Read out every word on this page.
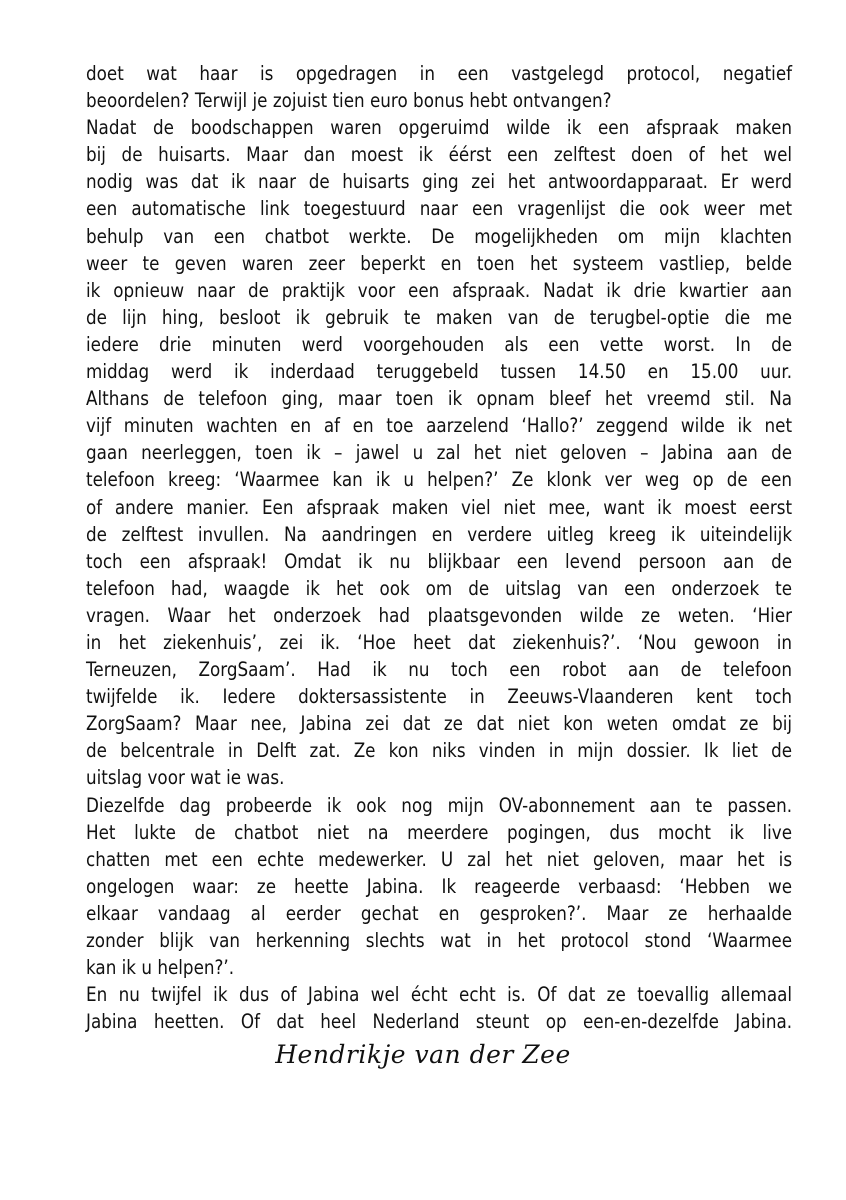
doet wat haar is opgedragen in een vastgelegd protocol, negatief
beoordelen? Terwijl je zojuist tien euro bonus hebt ontvangen?
Nadat de boodschappen waren opgeruimd wilde ik een afspraak maken
bij de huisarts. Maar dan moest ik éérst een zelftest doen of het wel
nodig was dat ik naar de huisarts ging zei het antwoordapparaat. Er werd
een automatische link toegestuurd naar een vragenlijst die ook weer met
behulp van een chatbot werkte. De mogelijkheden om mijn klachten
weer te geven waren zeer beperkt en toen het systeem vastliep, belde
ik opnieuw naar de praktijk voor een afspraak. Nadat ik drie kwartier aan
de lijn hing, besloot ik gebruik te maken van de terugbel-optie die me
iedere drie minuten werd voorgehouden als een vette worst. In de
middag werd ik inderdaad teruggebeld tussen 14.50 en 15.00 uur.
Althans de telefoon ging, maar toen ik opnam bleef het vreemd stil. Na
vijf minuten wachten en af en toe aarzelend ‘Hallo?’ zeggend wilde ik net
gaan neerleggen, toen ik – jawel u zal het niet geloven – Jabina aan de
telefoon kreeg: ‘Waarmee kan ik u helpen?’ Ze klonk ver weg op de een
of andere manier. Een afspraak maken viel niet mee, want ik moest eerst
de zelftest invullen. Na aandringen en verdere uitleg kreeg ik uiteindelijk
toch een afspraak! Omdat ik nu blijkbaar een levend persoon aan de
telefoon had, waagde ik het ook om de uitslag van een onderzoek te
vragen. Waar het onderzoek had plaatsgevonden wilde ze weten. ‘Hier
in het ziekenhuis’, zei ik. ‘Hoe heet dat ziekenhuis?’. ‘Nou gewoon in
Terneuzen, ZorgSaam’. Had ik nu toch een robot aan de telefoon
twijfelde ik. Iedere doktersassistente in Zeeuws-Vlaanderen kent toch
ZorgSaam? Maar nee, Jabina zei dat ze dat niet kon weten omdat ze bij
de belcentrale in Delft zat. Ze kon niks vinden in mijn dossier. Ik liet de
uitslag voor wat ie was.
Diezelfde dag probeerde ik ook nog mijn OV-abonnement aan te passen.
Het lukte de chatbot niet na meerdere pogingen, dus mocht ik live
chatten met een echte medewerker. U zal het niet geloven, maar het is
ongelogen waar: ze heette Jabina. Ik reageerde verbaasd: ‘Hebben we
elkaar vandaag al eerder gechat en gesproken?’. Maar ze herhaalde
zonder blijk van herkenning slechts wat in het protocol stond ‘Waarmee
kan ik u helpen?’.
En nu twijfel ik dus of Jabina wel écht echt is. Of dat ze toevallig allemaal
Jabina heetten. Of dat heel Nederland steunt op een-en-dezelfde Jabina.
Hendrikje van der Zee
